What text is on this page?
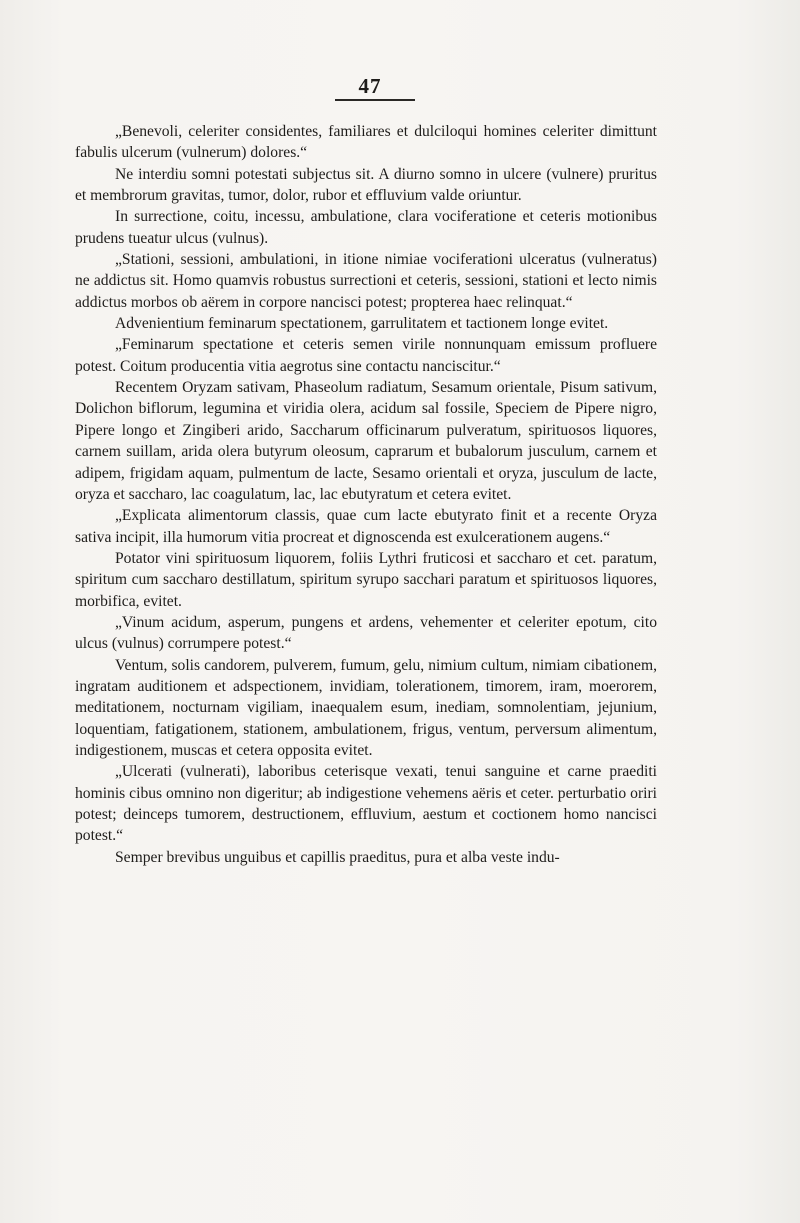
47

„Benevoli, celeriter considentes, familiares et dulciloqui homines celeriter dimittunt fabulis ulcerum (vulnerum) dolores.“

Ne interdiu somni potestati subjectus sit. A diurno somno in ulcere (vulnere) pruritus et membrorum gravitas, tumor, dolor, rubor et effluvium valde oriuntur.

In surrectione, coitu, incessu, ambulatione, clara vociferatione et ceteris motionibus prudens tueatur ulcus (vulnus).

„Stationi, sessioni, ambulationi, in itione nimiae vociferationi ulceratus (vulneratus) ne addictus sit. Homo quamvis robustus surrectioni et ceteris, sessioni, stationi et lecto nimis addictus morbos ob aërem in corpore nancisci potest; propterea haec relinquat.“

Advenientium feminarum spectationem, garrulitatem et tactionem longe evitet.

„Feminarum spectatione et ceteris semen virile nonnunquam emissum profluere potest. Coitum producentia vitia aegrotus sine contactu nanciscitur.“

Recentem Oryzam sativam, Phaseolum radiatum, Sesamum orientale, Pisum sativum, Dolichon biflorum, legumina et viridia olera, acidum sal fossile, Speciem de Pipere nigro, Pipere longo et Zingiberi arido, Saccharum officinarum pulveratum, spirituosos liquores, carnem suillam, arida olera butyrum oleosum, caprarum et bubalorum jusculum, carnem et adipem, frigidam aquam, pulmentum de lacte, Sesamo orientali et oryza, jusculum de lacte, oryza et saccharo, lac coagulatum, lac, lac ebutyratum et cetera evitet.

„Explicata alimentorum classis, quae cum lacte ebutyrato finit et a recente Oryza sativa incipit, illa humorum vitia procreat et dignoscenda est exulcerationem augens.“

Potator vini spirituosum liquorem, foliis Lythri fruticosi et saccharo et cet. paratum, spiritum cum saccharo destillatum, spiritum syrupo sacchari paratum et spirituosos liquores, morbifica, evitet.

„Vinum acidum, asperum, pungens et ardens, vehementer et celeriter epotum, cito ulcus (vulnus) corrumpere potest.“

Ventum, solis candorem, pulverem, fumum, gelu, nimium cultum, nimiam cibationem, ingratam auditionem et adspectionem, invidiam, tolerationem, timorem, iram, moerorem, meditationem, nocturnam vigiliam, inaequalem esum, inediam, somnolentiam, jejunium, loquentiam, fatigationem, stationem, ambulationem, frigus, ventum, perversum alimentum, indigestionem, muscas et cetera opposita evitet.

„Ulcerati (vulnerati), laboribus ceterisque vexati, tenui sanguine et carne praediti hominis cibus omnino non digeritur; ab indigestione vehemens aëris et ceter. perturbatio oriri potest; deinceps tumorem, destructionem, effluvium, aestum et coctionem homo nancisci potest.“

Semper brevibus unguibus et capillis praeditus, pura et alba veste indu-
